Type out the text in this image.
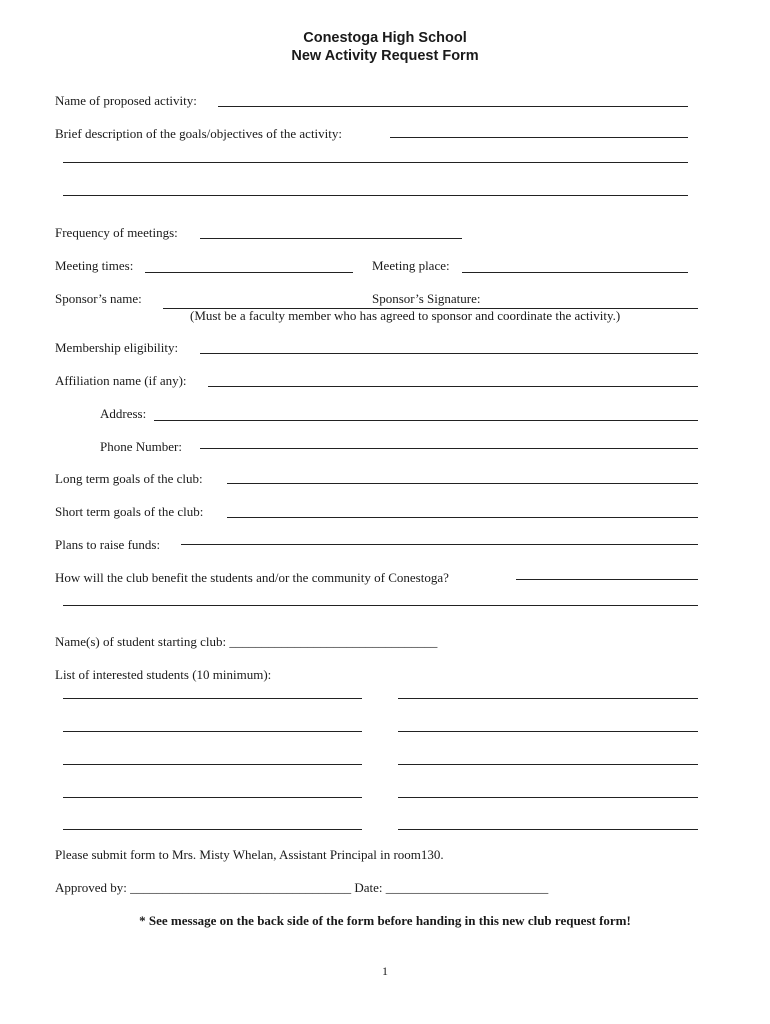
Conestoga High School
New Activity Request Form
Name of proposed activity:
Brief description of the goals/objectives of the activity:
Frequency of meetings:
Meeting times:	Meeting place:
Sponsor’s name:	Sponsor’s Signature:
(Must be a faculty member who has agreed to sponsor and coordinate the activity.)
Membership eligibility:
Affiliation name (if any):
Address:
Phone Number:
Long term goals of the club:
Short term goals of the club:
Plans to raise funds:
How will the club benefit the students and/or the community of Conestoga?
Name(s) of student starting club: ________________________________
List of interested students (10 minimum):
Please submit form to Mrs. Misty Whelan, Assistant Principal in room130.
Approved by: __________________________________ Date: _________________________
* See message on the back side of the form before handing in this new club request form!
1
